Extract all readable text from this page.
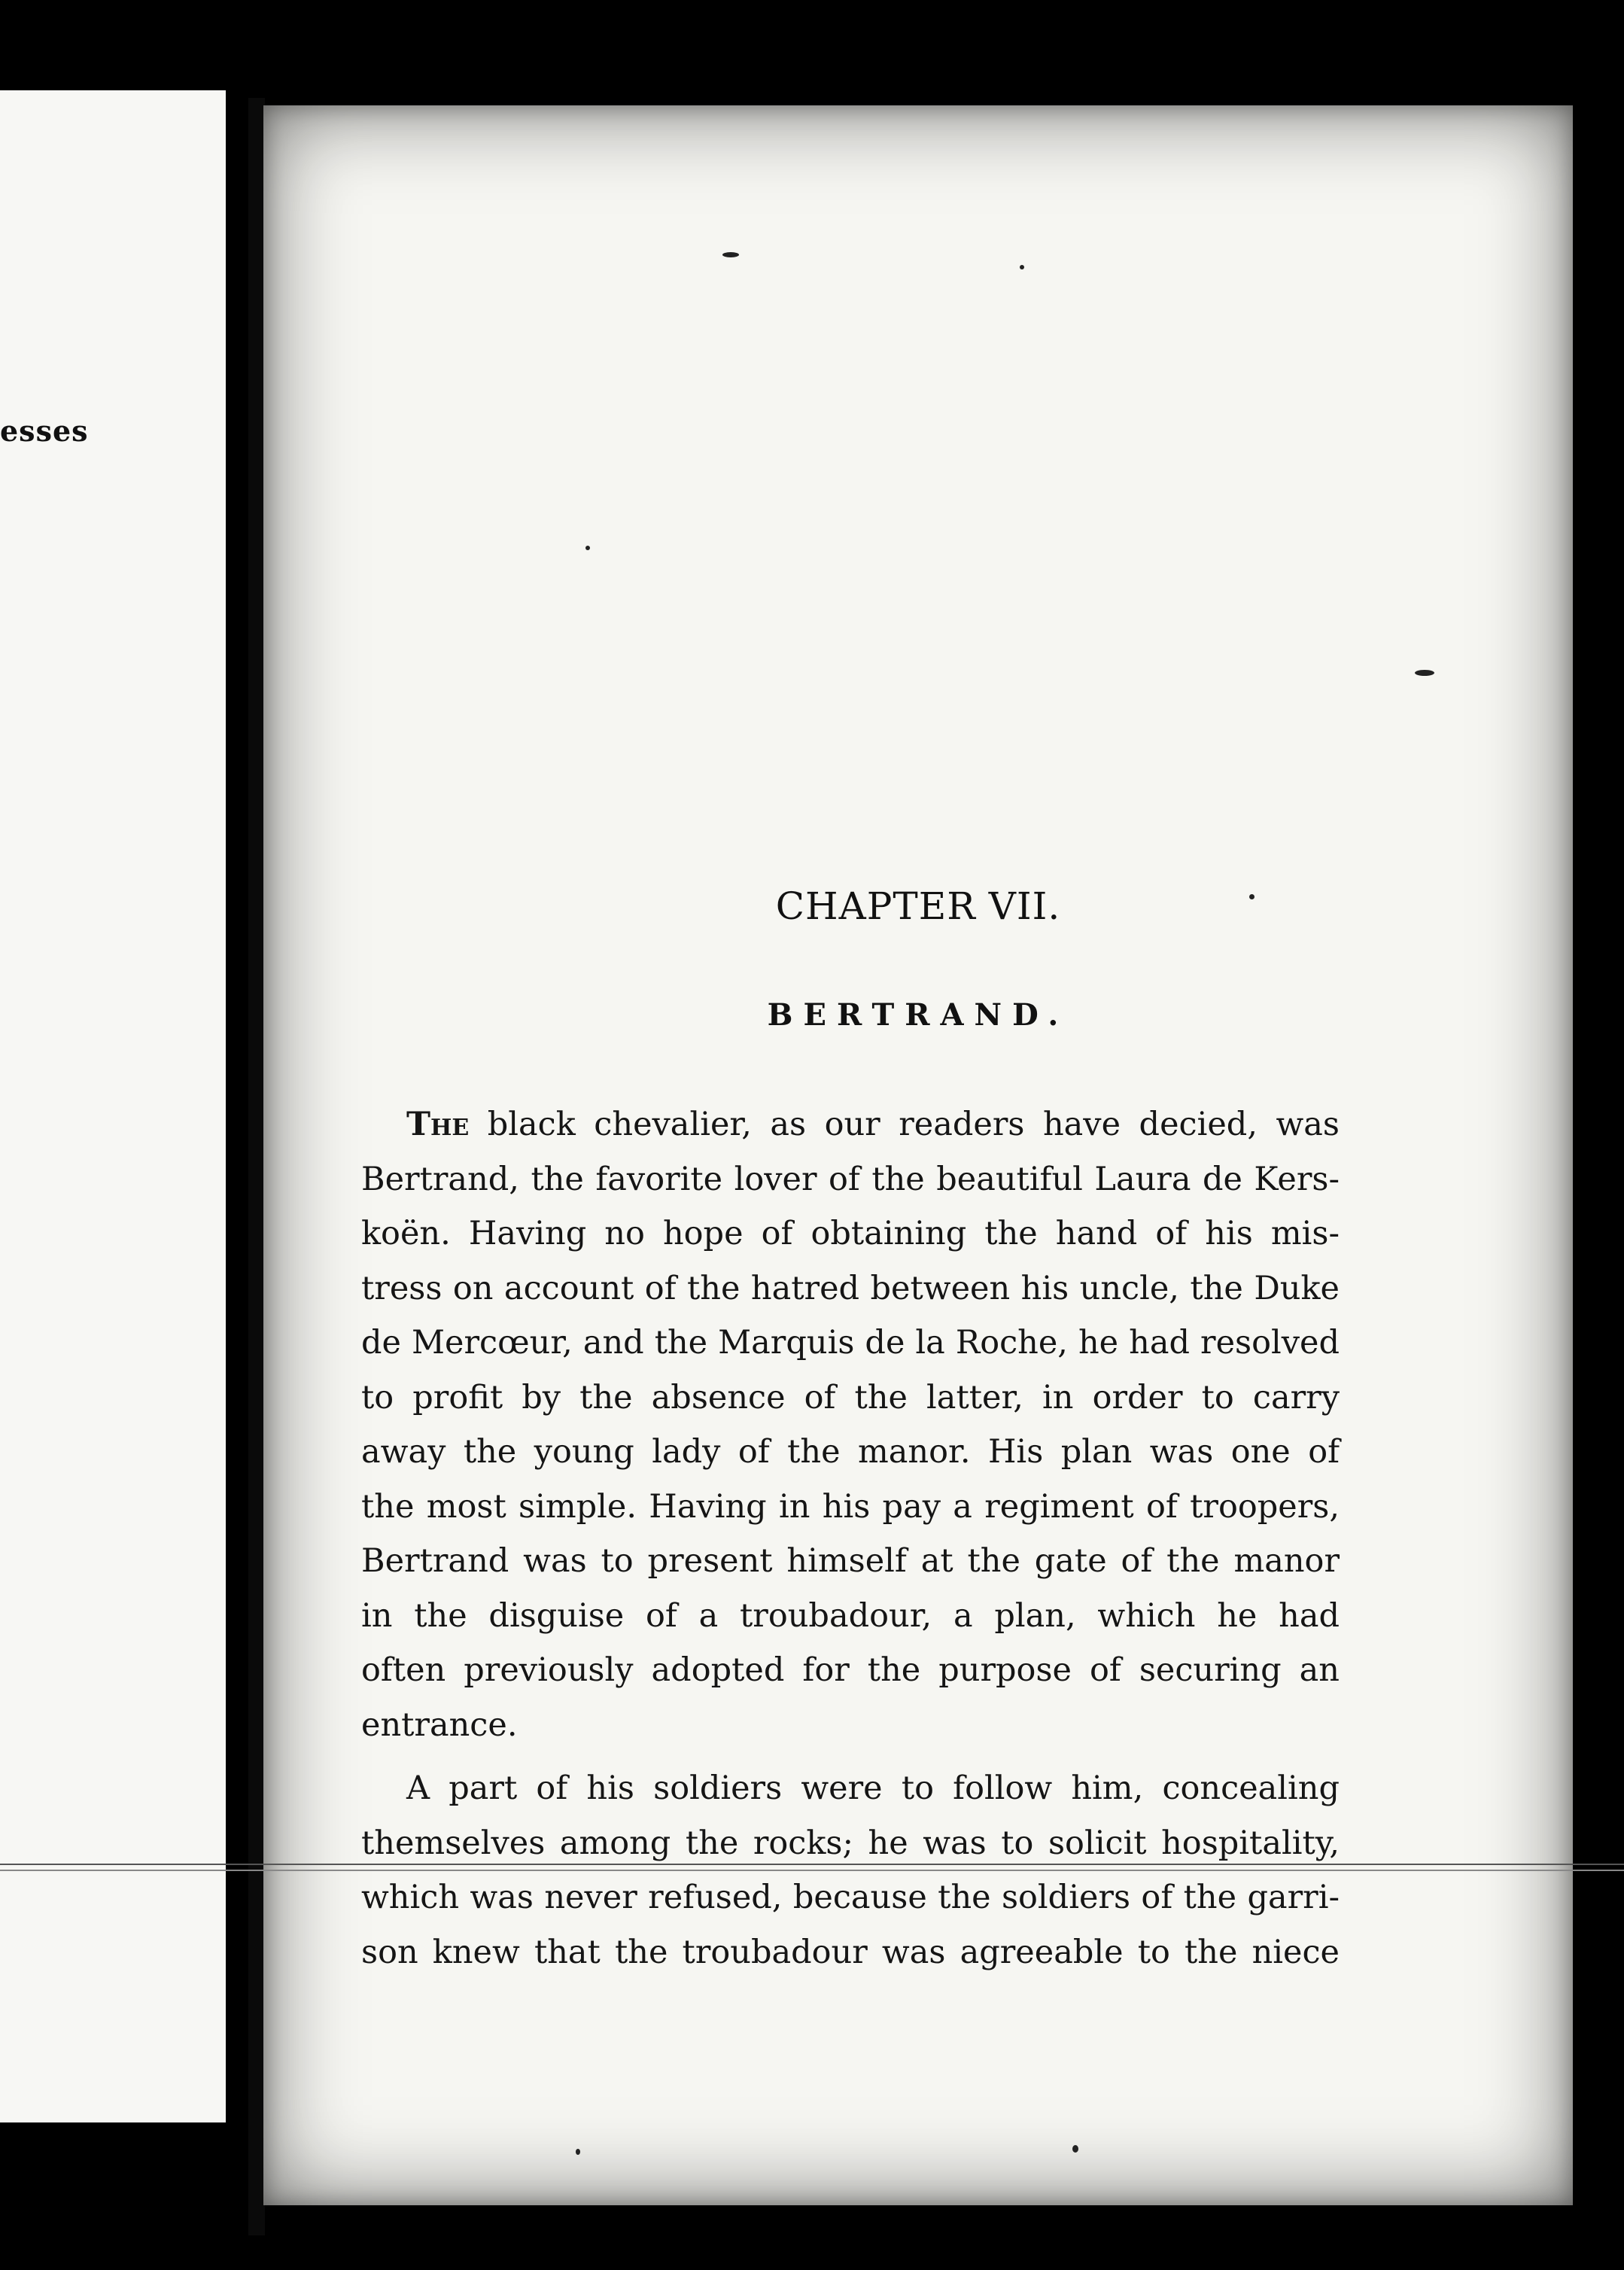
esses
CHAPTER VII.
BERTRAND.
The black chevalier, as our readers have decied, was
Bertrand, the favorite lover of the beautiful Laura de Kers-
koën. Having no hope of obtaining the hand of his mis-
tress on account of the hatred between his uncle, the Duke
de Mercœur, and the Marquis de la Roche, he had resolved
to profit by the absence of the latter, in order to carry
away the young lady of the manor. His plan was one of
the most simple. Having in his pay a regiment of troopers,
Bertrand was to present himself at the gate of the manor
in the disguise of a troubadour, a plan, which he had
often previously adopted for the purpose of securing an
entrance.
A part of his soldiers were to follow him, concealing
themselves among the rocks; he was to solicit hospitality,
which was never refused, because the soldiers of the garri-
son knew that the troubadour was agreeable to the niece
